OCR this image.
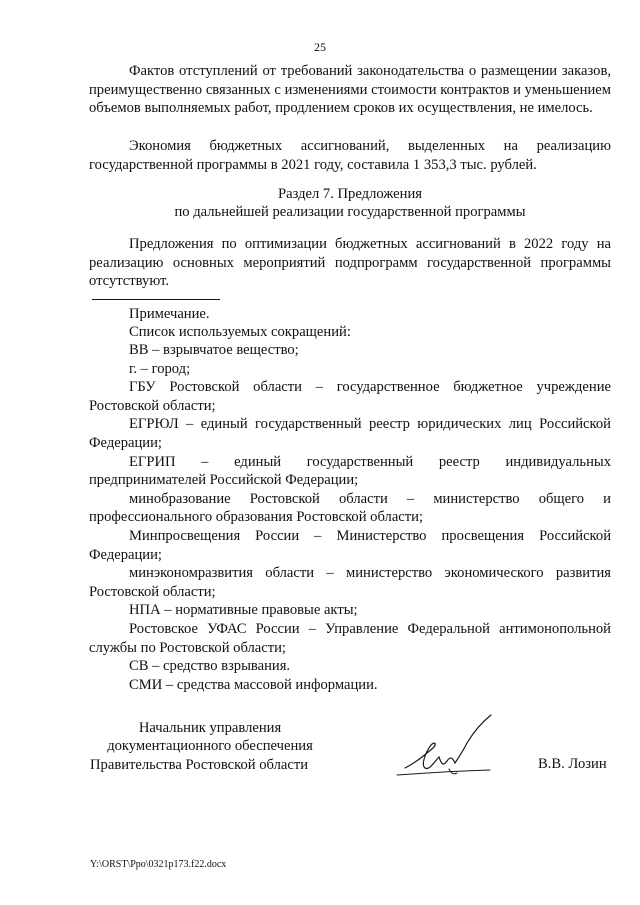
25

Фактов отступлений от требований законодательства о размещении заказов, преимущественно связанных с изменениями стоимости контрактов и уменьшением объемов выполняемых работ, продлением сроков их осуществления, не имелось.

Экономия бюджетных ассигнований, выделенных на реализацию государственной программы в 2021 году, составила 1 353,3 тыс. рублей.

Раздел 7. Предложения
по дальнейшей реализации государственной программы

Предложения по оптимизации бюджетных ассигнований в 2022 году на реализацию основных мероприятий подпрограмм государственной программы отсутствуют.

Примечание.
Список используемых сокращений:
ВВ – взрывчатое вещество;
г. – город;
ГБУ Ростовской области – государственное бюджетное учреждение Ростовской области;
ЕГРЮЛ – единый государственный реестр юридических лиц Российской Федерации;
ЕГРИП – единый государственный реестр индивидуальных предпринимателей Российской Федерации;
минобразование Ростовской области – министерство общего и профессионального образования Ростовской области;
Минпросвещения России – Министерство просвещения Российской Федерации;
минэкономразвития области – министерство экономического развития Ростовской области;
НПА – нормативные правовые акты;
Ростовское УФАС России – Управление Федеральной антимонопольной службы по Ростовской области;
СВ – средство взрывания.
СМИ – средства массовой информации.
Начальник управления
документационного обеспечения
Правительства Ростовской области	В.В. Лозин
Y:\ORST\Ppo\0321p173.f22.docx
